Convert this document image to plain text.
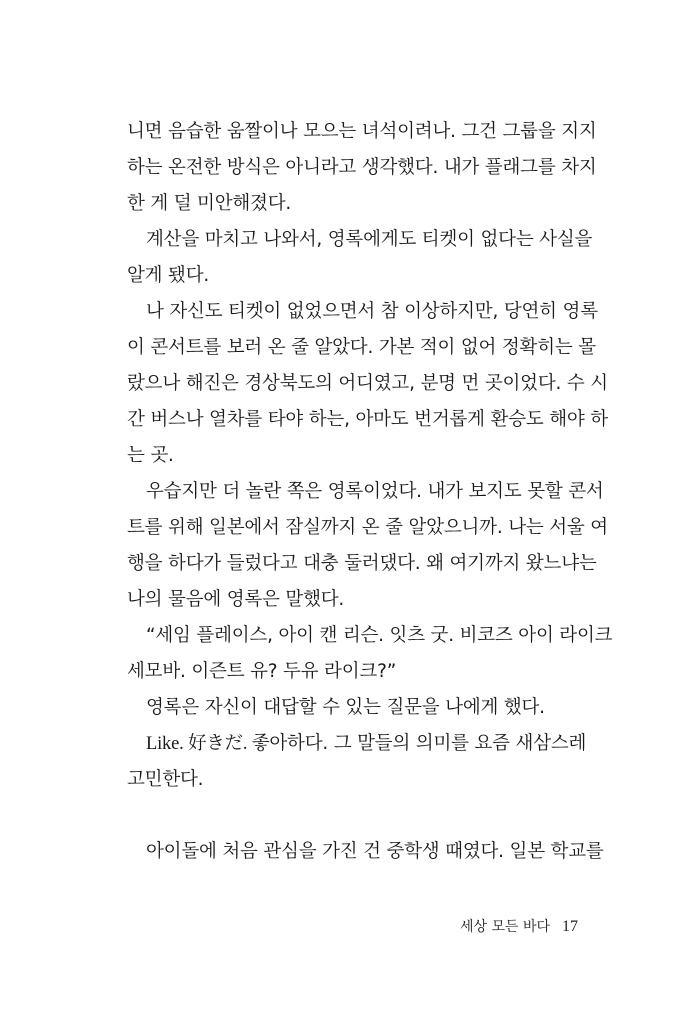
니면 음습한 움짤이나 모으는 녀석이려나. 그건 그룹을 지지
하는 온전한 방식은 아니라고 생각했다. 내가 플래그를 차지
한 게 덜 미안해졌다.
계산을 마치고 나와서, 영록에게도 티켓이 없다는 사실을
알게 됐다.
나 자신도 티켓이 없었으면서 참 이상하지만, 당연히 영록
이 콘서트를 보러 온 줄 알았다. 가본 적이 없어 정확히는 몰
랐으나 해진은 경상북도의 어디였고, 분명 먼 곳이었다. 수 시
간 버스나 열차를 타야 하는, 아마도 번거롭게 환승도 해야 하
는 곳.
우습지만 더 놀란 쪽은 영록이었다. 내가 보지도 못할 콘서
트를 위해 일본에서 잠실까지 온 줄 알았으니까. 나는 서울 여
행을 하다가 들렀다고 대충 둘러댔다. 왜 여기까지 왔느냐는
나의 물음에 영록은 말했다.
“세임 플레이스, 아이 캔 리슨. 잇츠 굿. 비코즈 아이 라이크
세모바. 이즌트 유? 두유 라이크?”
영록은 자신이 대답할 수 있는 질문을 나에게 했다.
Like. 好きだ. 좋아하다. 그 말들의 의미를 요즘 새삼스레
고민한다.
아이돌에 처음 관심을 가진 건 중학생 때였다. 일본 학교를
세상 모든 바다 17
